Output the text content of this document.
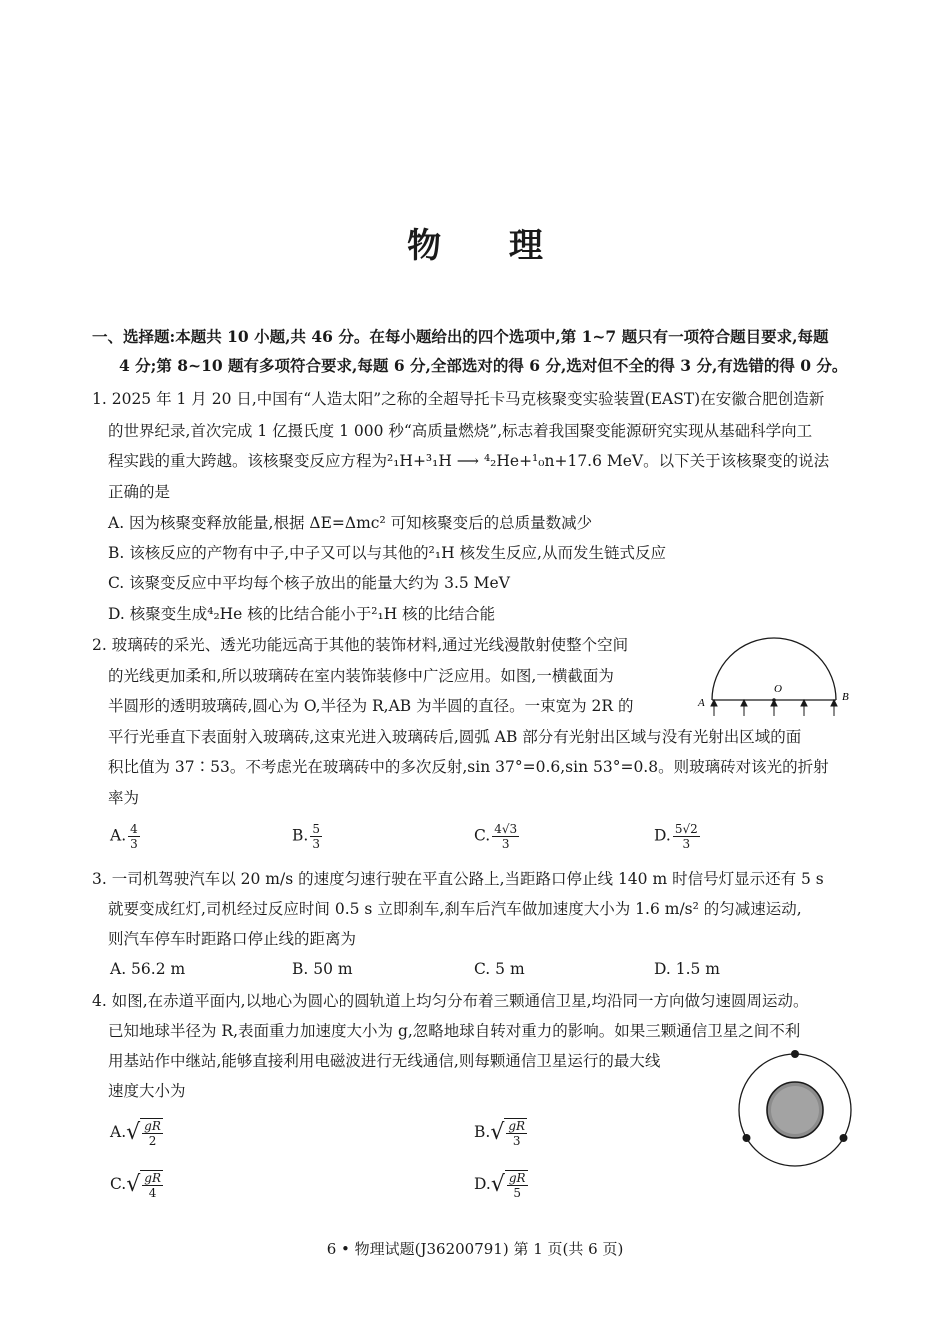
物 理
一、选择题:本题共 10 小题,共 46 分。在每小题给出的四个选项中,第 1~7 题只有一项符合题目要求,每题
4 分;第 8~10 题有多项符合要求,每题 6 分,全部选对的得 6 分,选对但不全的得 3 分,有选错的得 0 分。
1. 2025 年 1 月 20 日,中国有“人造太阳”之称的全超导托卡马克核聚变实验装置(EAST)在安徽合肥创造新
的世界纪录,首次完成 1 亿摄氏度 1 000 秒“高质量燃烧”,标志着我国聚变能源研究实现从基础科学向工
程实践的重大跨越。该核聚变反应方程为²₁H+³₁H ⟶ ⁴₂He+¹₀n+17.6 MeV。以下关于该核聚变的说法
正确的是
A. 因为核聚变释放能量,根据 ΔE=Δmc² 可知核聚变后的总质量数减少
B. 该核反应的产物有中子,中子又可以与其他的²₁H 核发生反应,从而发生链式反应
C. 该聚变反应中平均每个核子放出的能量大约为 3.5 MeV
D. 核聚变生成⁴₂He 核的比结合能小于²₁H 核的比结合能
2. 玻璃砖的采光、透光功能远高于其他的装饰材料,通过光线漫散射使整个空间
的光线更加柔和,所以玻璃砖在室内装饰装修中广泛应用。如图,一横截面为
半圆形的透明玻璃砖,圆心为 O,半径为 R,AB 为半圆的直径。一束宽为 2R 的
平行光垂直下表面射入玻璃砖,这束光进入玻璃砖后,圆弧 AB 部分有光射出区域与没有光射出区域的面
积比值为 37∶53。不考虑光在玻璃砖中的多次反射,sin 37°=0.6,sin 53°=0.8。则玻璃砖对该光的折射
率为
A	B
O
A. $\frac{4}{3}$	B. $\frac{5}{3}$	C. $\frac{4√3}{3}$	D. $\frac{5√2}{3}$
3. 一司机驾驶汽车以 20 m/s 的速度匀速行驶在平直公路上,当距路口停止线 140 m 时信号灯显示还有 5 s
就要变成红灯,司机经过反应时间 0.5 s 立即刹车,刹车后汽车做加速度大小为 1.6 m/s² 的匀减速运动,
则汽车停车时距路口停止线的距离为
A. 56.2 m	B. 50 m	C. 5 m	D. 1.5 m
4. 如图,在赤道平面内,以地心为圆心的圆轨道上均匀分布着三颗通信卫星,均沿同一方向做匀速圆周运动。
已知地球半径为 R,表面重力加速度大小为 g,忽略地球自转对重力的影响。如果三颗通信卫星之间不利
用基站作中继站,能够直接利用电磁波进行无线通信,则每颗通信卫星运行的最大线
速度大小为
$A.√ \frac{gR}{2}$	$B.√ \frac{gR}{3}$
$C.√ \frac{gR}{4}$	$D.√ \frac{gR}{5}$
6 • 物理试题(J36200791) 第 1 页(共 6 页)
